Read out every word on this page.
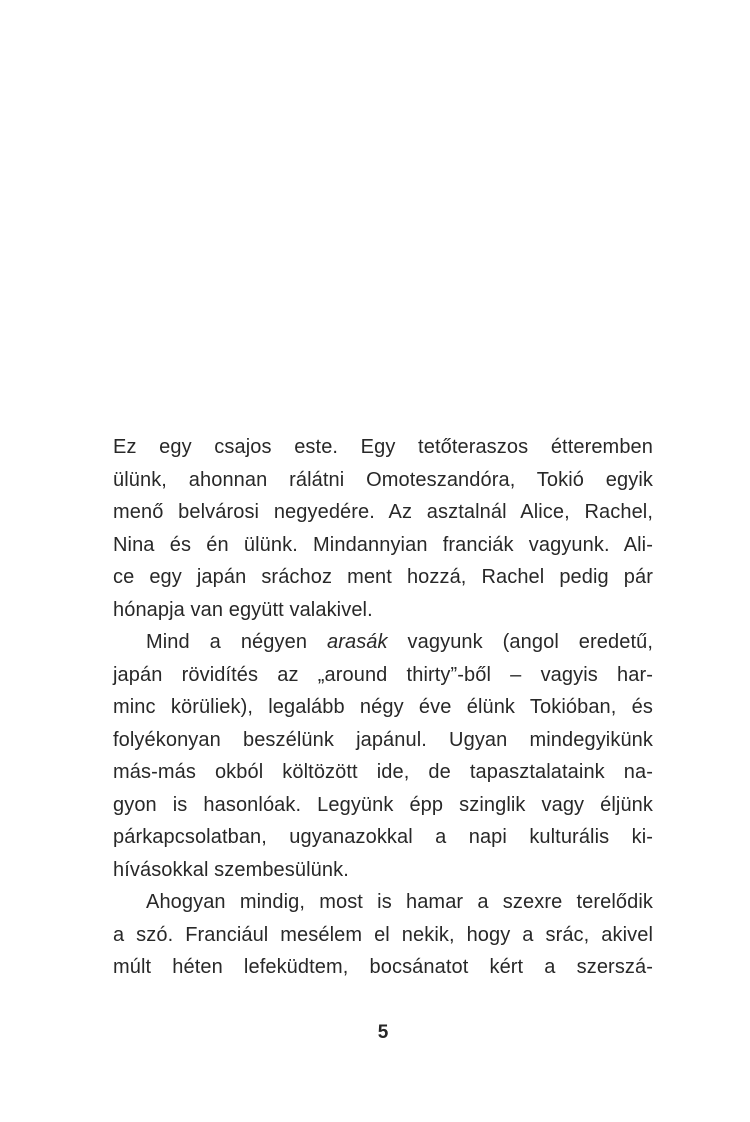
Ez egy csajos este. Egy tetőteraszos étteremben
ülünk, ahonnan rálátni Omoteszandóra, Tokió egyik
menő belvárosi negyedére. Az asztalnál Alice, Rachel,
Nina és én ülünk. Mindannyian franciák vagyunk. Ali-
ce egy japán sráchoz ment hozzá, Rachel pedig pár
hónapja van együtt valakivel.
Mind a négyen arasák vagyunk (angol eredetű,
japán rövidítés az „around thirty”-ből – vagyis har-
minc körüliek), legalább négy éve élünk Tokióban, és
folyékonyan beszélünk japánul. Ugyan mindegyikünk
más-más okból költözött ide, de tapasztalataink na-
gyon is hasonlóak. Legyünk épp szinglik vagy éljünk
párkapcsolatban, ugyanazokkal a napi kulturális ki-
hívásokkal szembesülünk.
Ahogyan mindig, most is hamar a szexre terelődik
a szó. Franciául mesélem el nekik, hogy a srác, akivel
múlt héten lefeküdtem, bocsánatot kért a szerszá-
5
